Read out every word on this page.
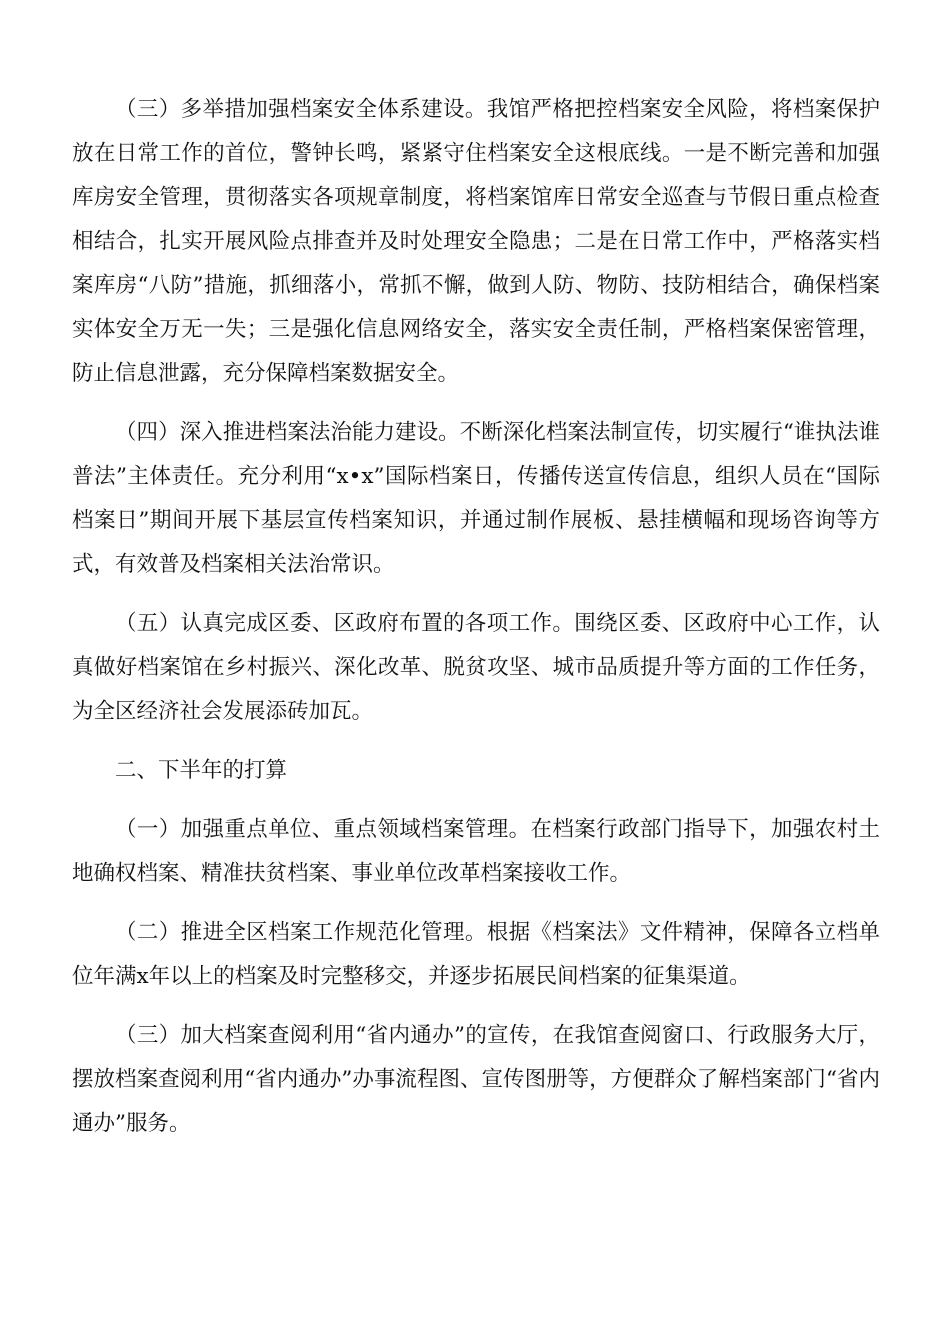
（三）多举措加强档案安全体系建设。我馆严格把控档案安全风险，将档案保护放在日常工作的首位，警钟长鸣，紧紧守住档案安全这根底线。一是不断完善和加强库房安全管理，贯彻落实各项规章制度，将档案馆库日常安全巡查与节假日重点检查相结合，扎实开展风险点排查并及时处理安全隐患；二是在日常工作中，严格落实档案库房“八防”措施，抓细落小，常抓不懈，做到人防、物防、技防相结合，确保档案实体安全万无一失；三是强化信息网络安全，落实安全责任制，严格档案保密管理，防止信息泄露，充分保障档案数据安全。

（四）深入推进档案法治能力建设。不断深化档案法制宣传，切实履行“谁执法谁普法”主体责任。充分利用“x•x”国际档案日，传播传送宣传信息，组织人员在“国际档案日”期间开展下基层宣传档案知识，并通过制作展板、悬挂横幅和现场咨询等方式，有效普及档案相关法治常识。

（五）认真完成区委、区政府布置的各项工作。围绕区委、区政府中心工作，认真做好档案馆在乡村振兴、深化改革、脱贫攻坚、城市品质提升等方面的工作任务，为全区经济社会发展添砖加瓦。

二、下半年的打算

（一）加强重点单位、重点领域档案管理。在档案行政部门指导下，加强农村土地确权档案、精准扶贫档案、事业单位改革档案接收工作。

（二）推进全区档案工作规范化管理。根据《档案法》文件精神，保障各立档单位年满x年以上的档案及时完整移交，并逐步拓展民间档案的征集渠道。

（三）加大档案查阅利用“省内通办”的宣传，在我馆查阅窗口、行政服务大厅，摆放档案查阅利用“省内通办”办事流程图、宣传图册等，方便群众了解档案部门“省内通办”服务。
